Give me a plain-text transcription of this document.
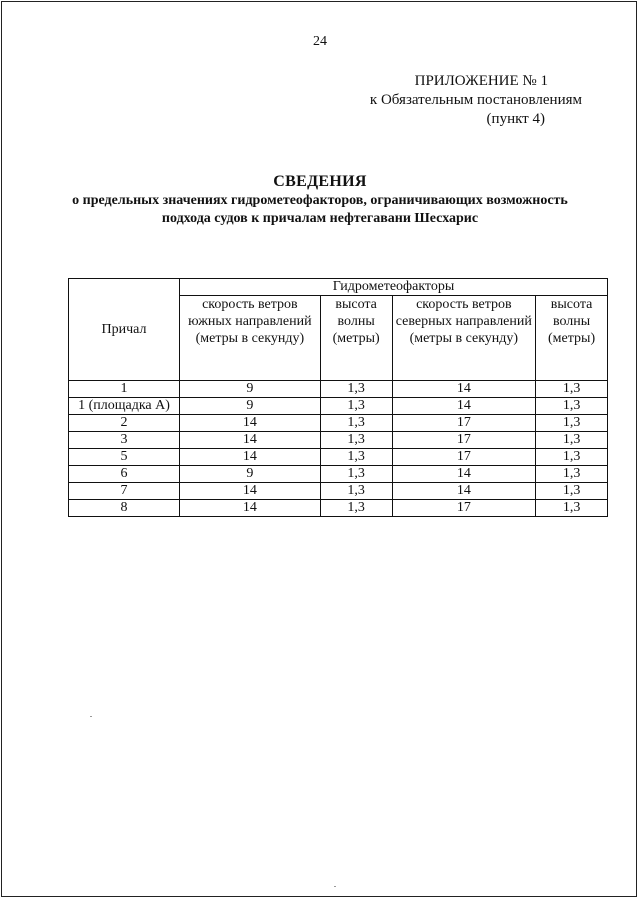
24
ПРИЛОЖЕНИЕ № 1
к Обязательным постановлениям
(пункт 4)
СВЕДЕНИЯ
о предельных значениях гидрометеофакторов, ограничивающих возможность
подхода судов к причалам нефтегавани Шесхарис
Причал	Гидрометеофакторы			
	скорость ветров южных направлений (метры в секунду)	высота волны (метры)	скорость ветров северных направлений (метры в секунду)	высота волны (метры)
1	9	1,3	14	1,3
1 (площадка А)	9	1,3	14	1,3
2	14	1,3	17	1,3
3	14	1,3	17	1,3
5	14	1,3	17	1,3
6	9	1,3	14	1,3
7	14	1,3	14	1,3
8	14	1,3	17	1,3
